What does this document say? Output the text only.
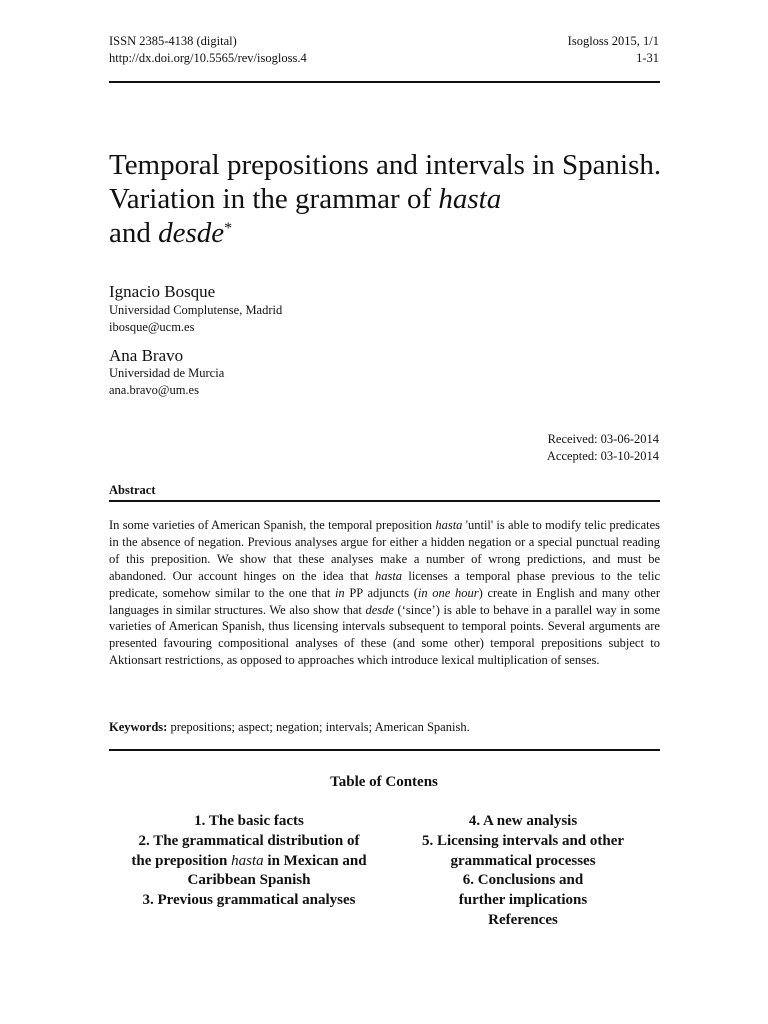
ISSN 2385-4138 (digital)
http://dx.doi.org/10.5565/rev/isogloss.4
Isogloss 2015, 1/1
1-31
Temporal prepositions and intervals in Spanish. Variation in the grammar of hasta
and desde*
Ignacio Bosque
Universidad Complutense, Madrid
ibosque@ucm.es
Ana Bravo
Universidad de Murcia
ana.bravo@um.es
Received: 03-06-2014
Accepted: 03-10-2014
Abstract
In some varieties of American Spanish, the temporal preposition hasta 'until' is able to modify telic predicates in the absence of negation. Previous analyses argue for either a hidden negation or a special punctual reading of this preposition. We show that these analyses make a number of wrong predictions, and must be abandoned. Our account hinges on the idea that hasta licenses a temporal phase previous to the telic predicate, somehow similar to the one that in PP adjuncts (in one hour) create in English and many other languages in similar structures. We also show that desde (‘since’) is able to behave in a parallel way in some varieties of American Spanish, thus licensing intervals subsequent to temporal points. Several arguments are presented favouring compositional analyses of these (and some other) temporal prepositions subject to Aktionsart restrictions, as opposed to approaches which introduce lexical multiplication of senses.
Keywords: prepositions; aspect; negation; intervals; American Spanish.
Table of Contens
1. The basic facts
2. The grammatical distribution of
the preposition hasta in Mexican and
Caribbean Spanish
3. Previous grammatical analyses
4. A new analysis
5. Licensing intervals and other
grammatical processes
6. Conclusions and
further implications
References
